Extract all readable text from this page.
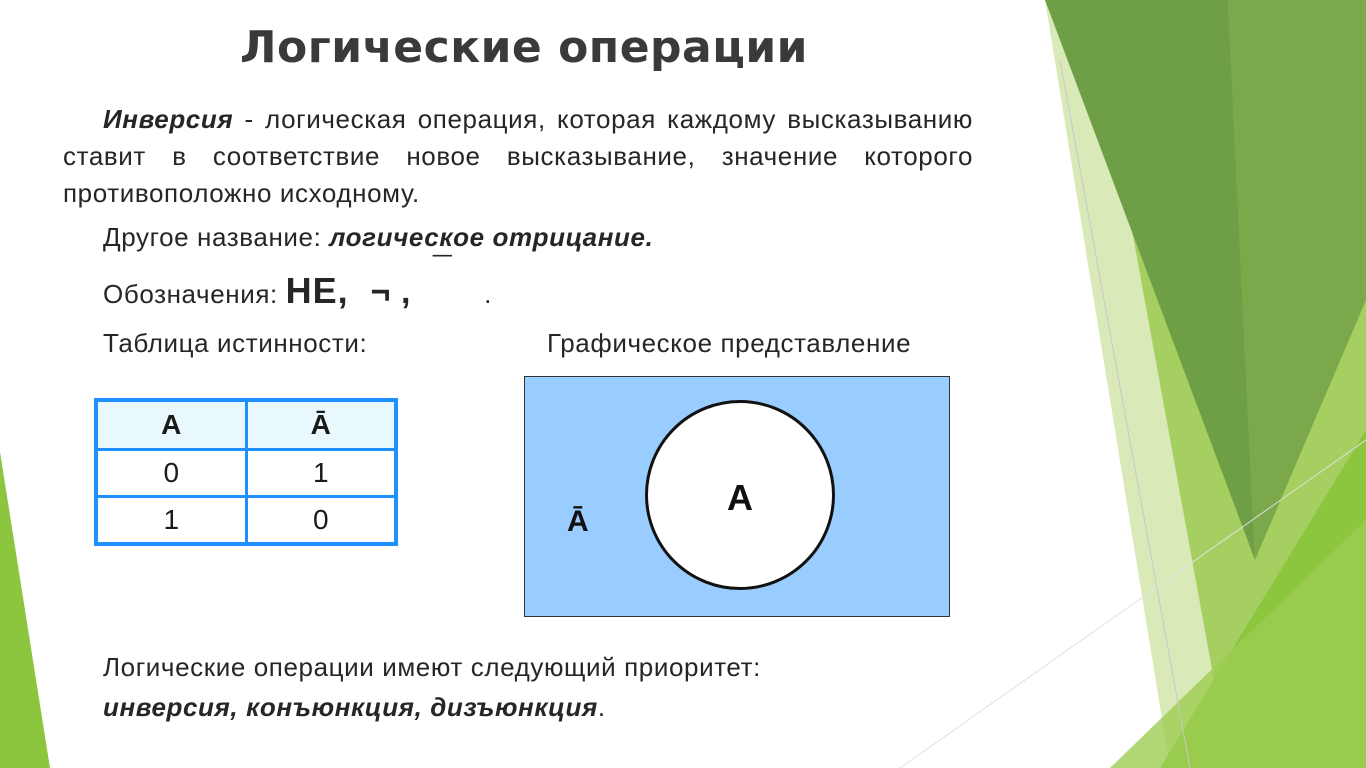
Логические операции
Инверсия - логическая операция, которая каждому высказыванию ставит в соответствие новое высказывание, значение которого противоположно исходному.
Другое название: логическое отрицание.
Обозначения: НЕ, ¬ , ¯ .
Таблица истинности:	Графическое представление
A	Ā
0	1
1	0
A
Ā
Логические операции имеют следующий приоритет:
инверсия, конъюнкция, дизъюнкция.
